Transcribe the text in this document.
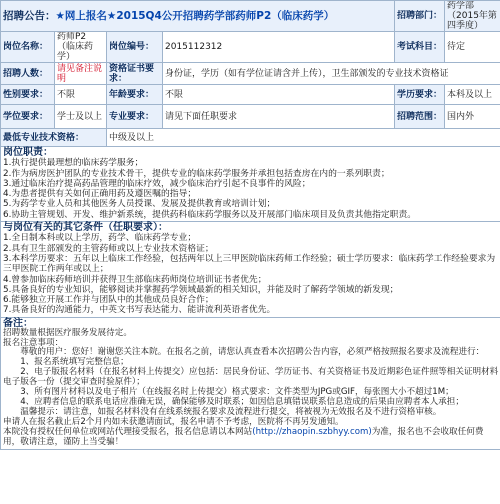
招聘公告：★网上报名★2015Q4公开招聘药学部药师P2（临床药学）				招聘部门：	药学部（2015年第四季度）
岗位名称：	药师P2（临床药学）	岗位编号：	2015112312	考试科目：	待定
招聘人数：	请见备注说明	资格证书要求：	身份证，学历（如有学位证请含并上传），卫生部颁发的专业技术资格证		
性别要求：	不限	年龄要求：	不限	学历要求：	本科及以上
学位要求：	学士及以上	专业要求：	请见下面任职要求	招聘范围：	国内外
最低专业技术资格：		中级及以上			

岗位职责：

1.执行提供最理想的临床药学服务；

2.作为病房医护团队的专业技术骨干，提供专业的临床药学服务并承担包括查房在内的一系列职责；

3.通过临床治疗提高药品管理的临床疗效，减少临床治疗引起不良事件的风险；

4.为患者提供有关如何正确用药及遵医嘱的指导；

5.为药学专业人员和其他医务人员授课、发展及提供教育或培训计划；

6.协助主管规划、开发、维护新系统，提供药科临床药学服务以及开展部门临床项目及负责其他指定职责。

与岗位有关的其它条件（任职要求）：

1.全日制本科或以上学历，药学、临床药学专业；

2.具有卫生部颁发的主管药师或以上专业技术资格证；

3.本科学历要求：五年以上临床工作经验，包括两年以上三甲医院临床药师工作经验；硕士学历要求：临床药学工作经验要求为三甲医院工作两年或以上；

4.曾参加临床药师培训并获得卫生部临床药师岗位培训证书者优先；

5.具备良好的专业知识，能够阅读并掌握药学领域最新的相关知识，并能及时了解药学领域的新发现；

6.能够独立开展工作并与团队中的其他成员良好合作；

7.具备良好的沟通能力，中英文书写表达能力、能讲流利英语者优先。

备注：

招聘数量根据医疗服务发展待定。

报名注意事项：

尊敬的用户：您好！谢谢您关注本院。在报名之前，请您认真查看本次招聘公告内容，必须严格按照报名要求及流程进行：

1、报名系统填写完整信息；

2、电子版报名材料（在报名材料上传提交）应包括：居民身份证、学历证书、有关资格证书及近期彩色证件照等相关证明材料电子版各一份（提交审查时验原件）；

3、所有图片材料以及电子相片（在线报名时上传提交）格式要求：文件类型为JPG或GIF，每张图大小不超过1M；

4、应聘者信息的联系电话应准确无误，确保能够及时联系；如因信息填错误联系信息造成的后果由应聘者本人承担；

温馨提示：请注意，如报名材料没有在线系统报名要求及流程进行提交，将被视为无效报名及不进行资格审核。

申请人在报名截止后2个月内如未获邀请面试，报名申请不予考虑，医院将不再另发通知。

本院没有授权任何单位或网站代理接受报名，报名信息请以本网站(http://zhaopin.szbhyy.com)为准，报名也不会收取任何费用，敬请注意，谨防上当受骗！
